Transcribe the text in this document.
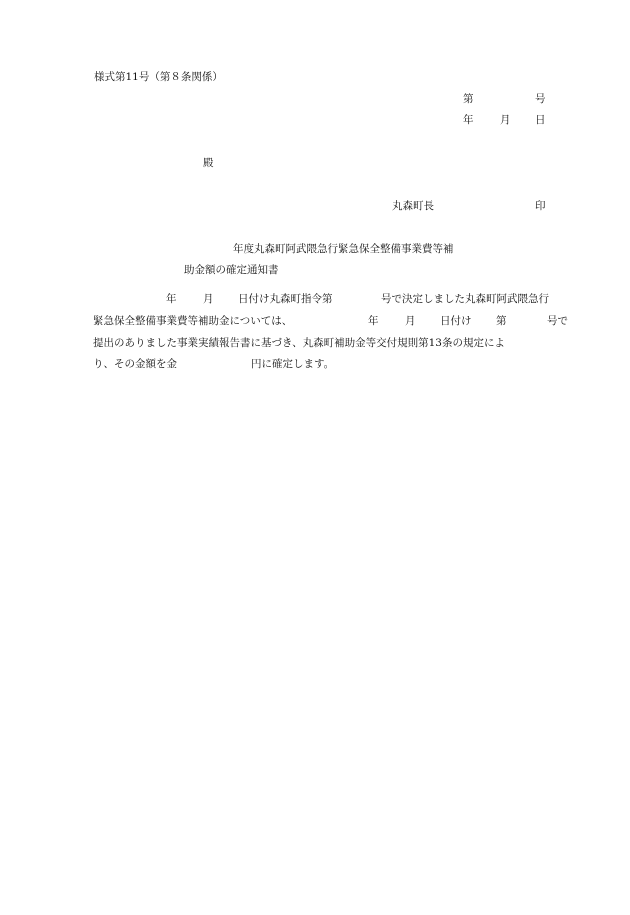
様式第11号（第８条関係）
第	号
年	月 日
殿
丸森町長	印
年度丸森町阿武隈急行緊急保全整備事業費等補
助金額の確定通知書
年	月 日付け丸森町指令第	号で決定しました丸森町阿武隈急行
緊急保全整備事業費等補助金については、	年	月 日付け 第	号で
提出のありました事業実績報告書に基づき、丸森町補助金等交付規則第13条の規定によ
り、その金額を金	円に確定します。
